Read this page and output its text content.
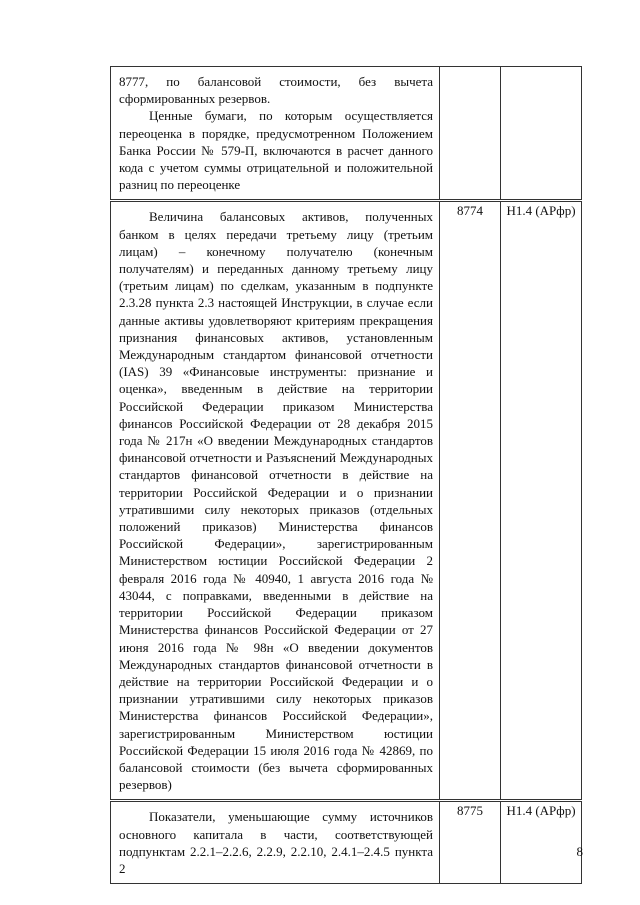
8777, по балансовой стоимости, без вычета сформированных резервов.

Ценные бумаги, по которым осуществляется переоценка в порядке, предусмотренном Положением Банка России № 579-П, включаются в расчет данного кода с учетом суммы отрицательной и положительной разниц по переоценке		

Величина балансовых активов, полученных банком в целях передачи третьему лицу (третьим лицам) – конечному получателю (конечным получателям) и переданных данному третьему лицу (третьим лицам) по сделкам, указанным в подпункте 2.3.28 пункта 2.3 настоящей Инструкции, в случае если данные активы удовлетворяют критериям прекращения признания финансовых активов, установленным Международным стандартом финансовой отчетности (IAS) 39 «Финансовые инструменты: признание и оценка», введенным в действие на территории Российской Федерации приказом Министерства финансов Российской Федерации от 28 декабря 2015 года № 217н «О введении Международных стандартов финансовой отчетности и Разъяснений Международных стандартов финансовой отчетности в действие на территории Российской Федерации и о признании утратившими силу некоторых приказов (отдельных положений приказов) Министерства финансов Российской Федерации», зарегистрированным Министерством юстиции Российской Федерации 2 февраля 2016 года № 40940, 1 августа 2016 года № 43044, с поправками, введенными в действие на территории Российской Федерации приказом Министерства финансов Российской Федерации от 27 июня 2016 года № 98н «О введении документов Международных стандартов финансовой отчетности в действие на территории Российской Федерации и о признании утратившими силу некоторых приказов Министерства финансов Российской Федерации», зарегистрированным Министерством юстиции Российской Федерации 15 июля 2016 года № 42869, по балансовой стоимости (без вычета сформированных резервов)	8774	Н1.4 (АРфр)

Показатели, уменьшающие сумму источников основного капитала в части, соответствующей подпунктам 2.2.1–2.2.6, 2.2.9, 2.2.10, 2.4.1–2.4.5 пункта 2	8775	Н1.4 (АРфр)
8
